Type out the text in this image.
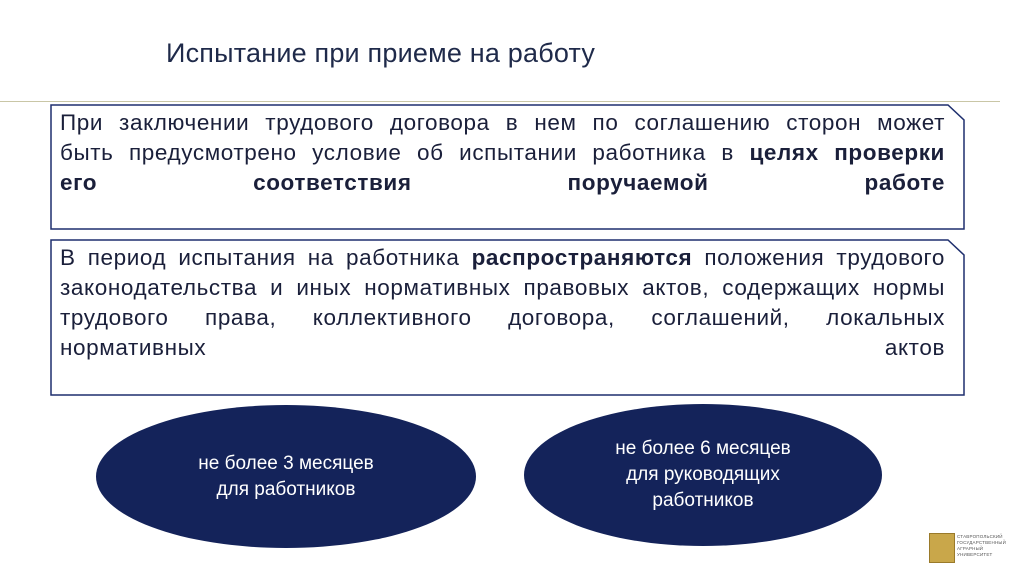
Испытание при приеме на работу
При заключении трудового договора в нем по соглашению сторон может быть предусмотрено условие об испытании работника в целях проверки его соответствия поручаемой работе
В период испытания на работника распространяются положения трудового законодательства и иных нормативных правовых актов, содержащих нормы трудового права, коллективного договора, соглашений, локальных нормативных актов
не более 3 месяцев
для работников
не более 6 месяцев
для руководящих
работников
СТАВРОПОЛЬСКИЙ
ГОСУДАРСТВЕННЫЙ
АГРАРНЫЙ УНИВЕРСИТЕТ
